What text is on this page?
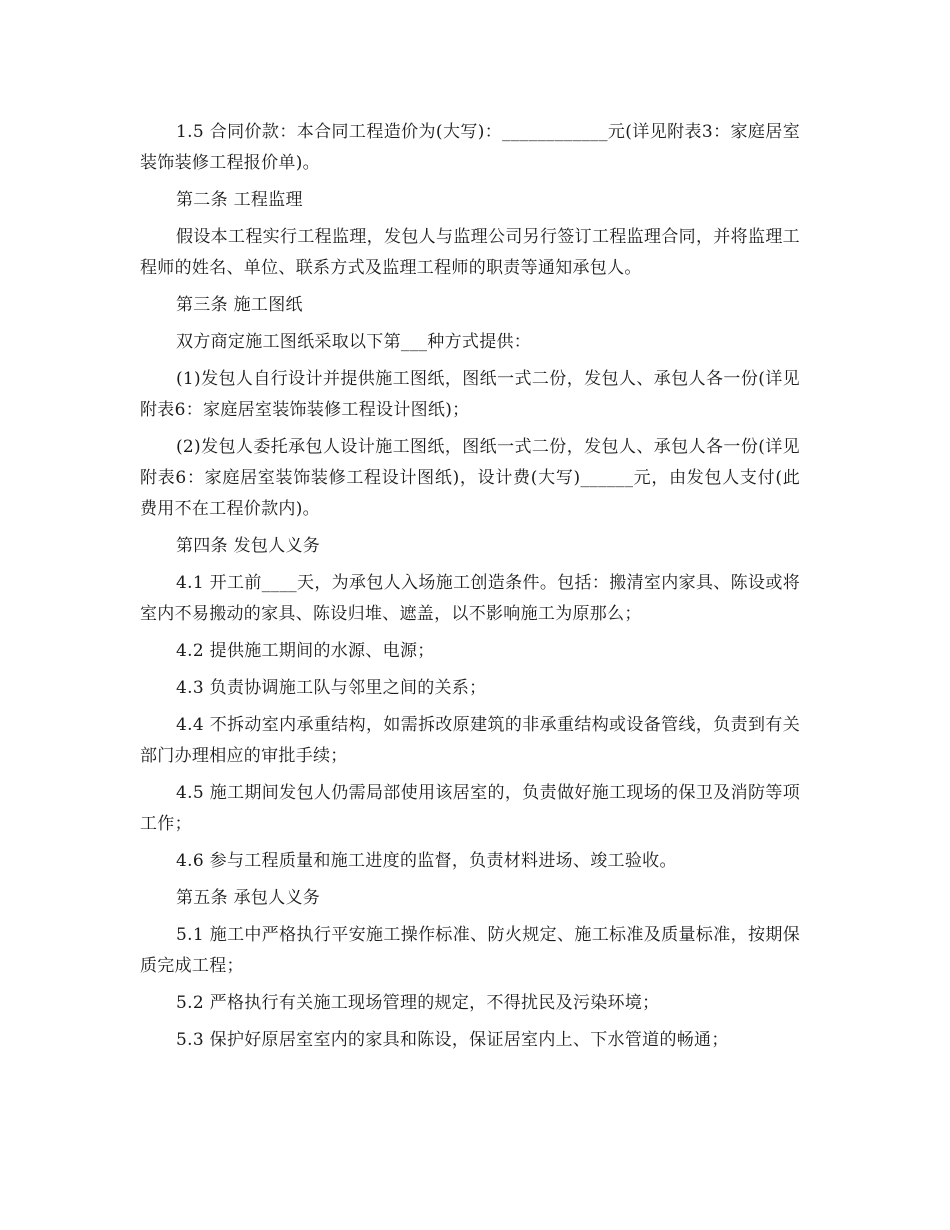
1.5 合同价款：本合同工程造价为(大写)：____________元(详见附表3：家庭居室装饰装修工程报价单)。

第二条 工程监理

假设本工程实行工程监理，发包人与监理公司另行签订工程监理合同，并将监理工程师的姓名、单位、联系方式及监理工程师的职责等通知承包人。

第三条 施工图纸

双方商定施工图纸采取以下第___种方式提供：

(1)发包人自行设计并提供施工图纸，图纸一式二份，发包人、承包人各一份(详见附表6：家庭居室装饰装修工程设计图纸)；

(2)发包人委托承包人设计施工图纸，图纸一式二份，发包人、承包人各一份(详见附表6：家庭居室装饰装修工程设计图纸)，设计费(大写)______元，由发包人支付(此费用不在工程价款内)。

第四条 发包人义务

4.1 开工前____天，为承包人入场施工创造条件。包括：搬清室内家具、陈设或将室内不易搬动的家具、陈设归堆、遮盖，以不影响施工为原那么；

4.2 提供施工期间的水源、电源；

4.3 负责协调施工队与邻里之间的关系；

4.4 不拆动室内承重结构，如需拆改原建筑的非承重结构或设备管线，负责到有关部门办理相应的审批手续；

4.5 施工期间发包人仍需局部使用该居室的，负责做好施工现场的保卫及消防等项工作；

4.6 参与工程质量和施工进度的监督，负责材料进场、竣工验收。

第五条 承包人义务

5.1 施工中严格执行平安施工操作标准、防火规定、施工标准及质量标准，按期保质完成工程；

5.2 严格执行有关施工现场管理的规定，不得扰民及污染环境；

5.3 保护好原居室室内的家具和陈设，保证居室内上、下水管道的畅通；
